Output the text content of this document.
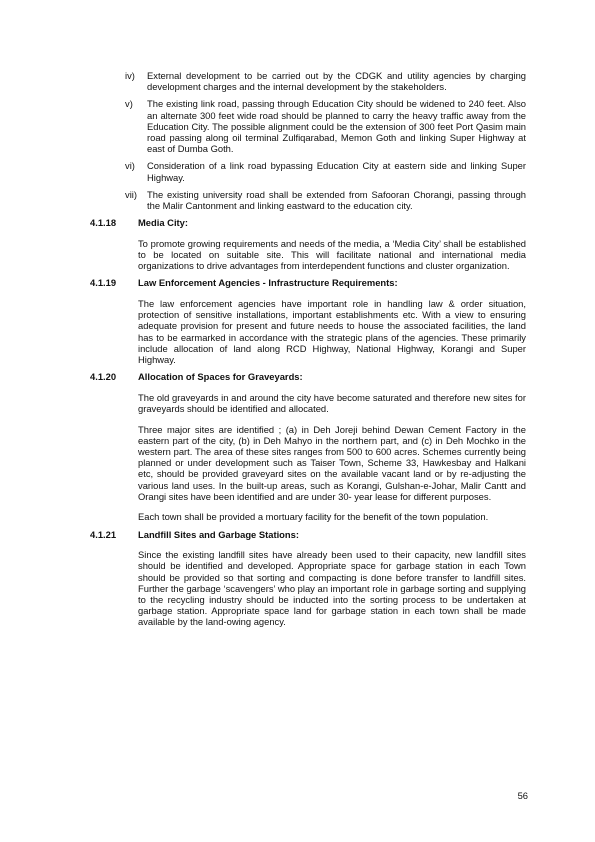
iv)	External development to be carried out by the CDGK and utility agencies by charging development charges and the internal development by the stakeholders.
v)	The existing link road, passing through Education City should be widened to 240 feet. Also an alternate 300 feet wide road should be planned to carry the heavy traffic away from the Education City. The possible alignment could be the extension of 300 feet Port Qasim main road passing along oil terminal Zulfiqarabad, Memon Goth and linking Super Highway at east of Dumba Goth.
vi)	Consideration of a link road bypassing Education City at eastern side and linking Super Highway.
vii)	The existing university road shall be extended from Safooran Chorangi, passing through the Malir Cantonment and linking eastward to the education city.
4.1.18	Media City:

To promote growing requirements and needs of the media, a ‘Media City’ shall be established to be located on suitable site. This will facilitate national and international media organizations to drive advantages from interdependent functions and cluster organization.

4.1.19	Law Enforcement Agencies - Infrastructure Requirements:

The law enforcement agencies have important role in handling law & order situation, protection of sensitive installations, important establishments etc. With a view to ensuring adequate provision for present and future needs to house the associated facilities, the land has to be earmarked in accordance with the strategic plans of the agencies. These primarily include allocation of land along RCD Highway, National Highway, Korangi and Super Highway.

4.1.20	Allocation of Spaces for Graveyards:

The old graveyards in and around the city have become saturated and therefore new sites for graveyards should be identified and allocated.

Three major sites are identified ; (a) in Deh Joreji behind Dewan Cement Factory in the eastern part of the city, (b) in Deh Mahyo in the northern part, and (c) in Deh Mochko in the western part. The area of these sites ranges from 500 to 600 acres. Schemes currently being planned or under development such as Taiser Town, Scheme 33, Hawkesbay and Halkani etc, should be provided graveyard sites on the available vacant land or by re-adjusting the various land uses. In the built-up areas, such as Korangi, Gulshan-e-Johar, Malir Cantt and Orangi sites have been identified and are under 30- year lease for different purposes.

Each town shall be provided a mortuary facility for the benefit of the town population.

4.1.21	Landfill Sites and Garbage Stations:

Since the existing landfill sites have already been used to their capacity, new landfill sites should be identified and developed. Appropriate space for garbage station in each Town should be provided so that sorting and compacting is done before transfer to landfill sites. Further the garbage ‘scavengers’ who play an important role in garbage sorting and supplying to the recycling industry should be inducted into the sorting process to be undertaken at garbage station. Appropriate space land for garbage station in each town shall be made available by the land-owing agency.

56
